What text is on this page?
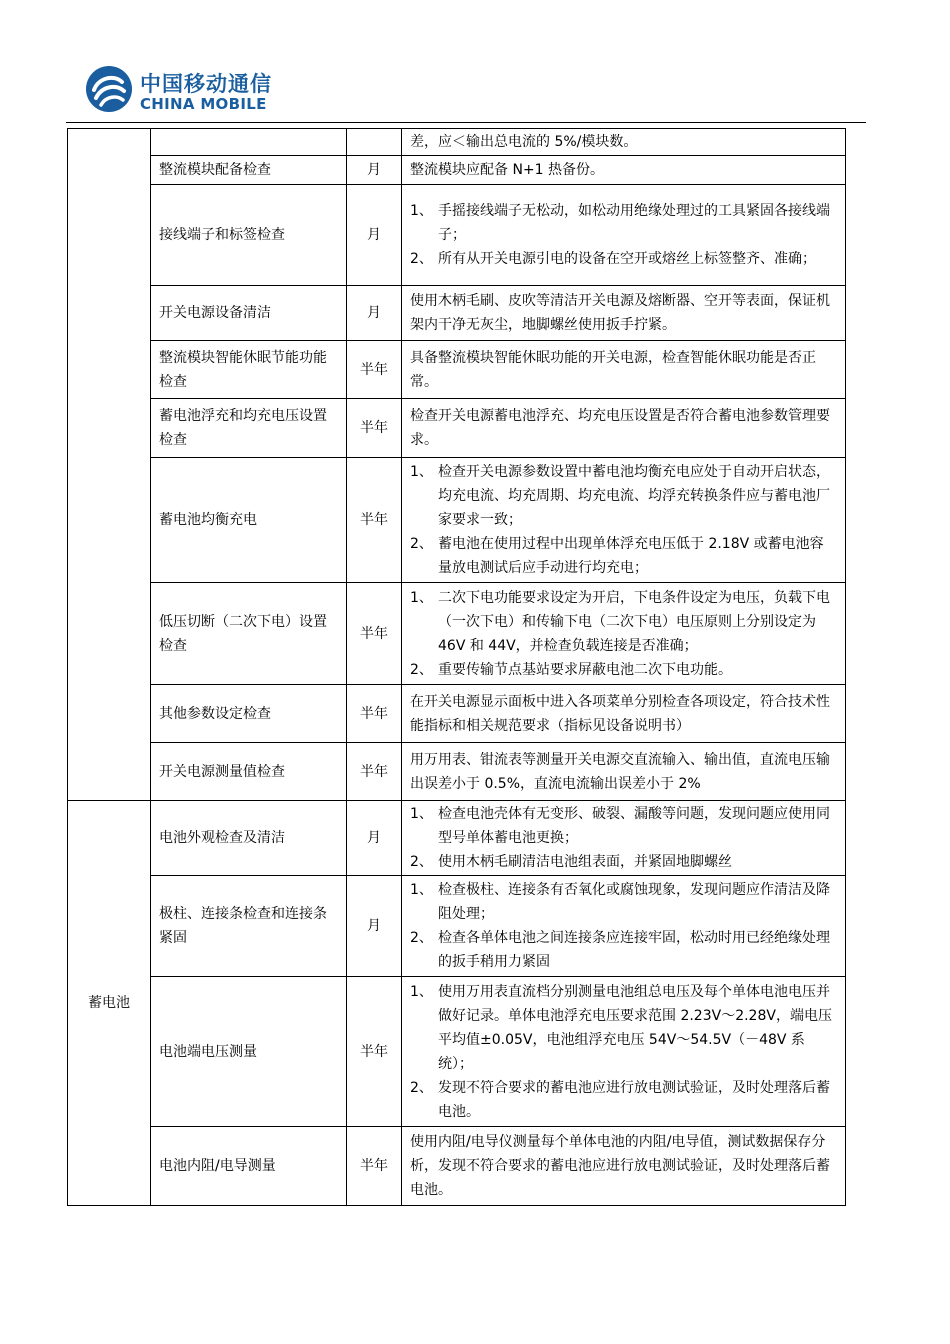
中国移动通信
CHINA MOBILE
			差，应＜输出总电流的 5%/模块数。
	整流模块配备检查	月	整流模块应配备 N+1 热备份。
	接线端子和标签检查	月	1、 手摇接线端子无松动，如松动用绝缘处理过的工具紧固各接线端子；
2、 所有从开关电源引电的设备在空开或熔丝上标签整齐、准确；

	开关电源设备清洁	月	使用木柄毛刷、皮吹等清洁开关电源及熔断器、空开等表面，保证机架内干净无灰尘，地脚螺丝使用扳手拧紧。
	整流模块智能休眠节能功能检查	半年	具备整流模块智能休眠功能的开关电源，检查智能休眠功能是否正常。
	蓄电池浮充和均充电压设置检查	半年	检查开关电源蓄电池浮充、均充电压设置是否符合蓄电池参数管理要求。
	蓄电池均衡充电	半年	1、 检查开关电源参数设置中蓄电池均衡充电应处于自动开启状态，均充电流、均充周期、均充电流、均浮充转换条件应与蓄电池厂家要求一致；
2、 蓄电池在使用过程中出现单体浮充电压低于 2.18V 或蓄电池容量放电测试后应手动进行均充电；

	低压切断（二次下电）设置检查	半年	1、 二次下电功能要求设定为开启，下电条件设定为电压，负载下电（一次下电）和传输下电（二次下电）电压原则上分别设定为 46V 和 44V，并检查负载连接是否准确；
2、 重要传输节点基站要求屏蔽电池二次下电功能。

	其他参数设定检查	半年	在开关电源显示面板中进入各项菜单分别检查各项设定，符合技术性能指标和相关规范要求（指标见设备说明书）
	开关电源测量值检查	半年	用万用表、钳流表等测量开关电源交直流输入、输出值，直流电压输出误差小于 0.5%，直流电流输出误差小于 2%
蓄电池	电池外观检查及清洁	月	1、 检查电池壳体有无变形、破裂、漏酸等问题，发现问题应使用同型号单体蓄电池更换；
2、 使用木柄毛刷清洁电池组表面，并紧固地脚螺丝

	极柱、连接条检查和连接条紧固	月	1、 检查极柱、连接条有否氧化或腐蚀现象，发现问题应作清洁及降阻处理；
2、 检查各单体电池之间连接条应连接牢固，松动时用已经绝缘处理的扳手稍用力紧固

	电池端电压测量	半年	1、 使用万用表直流档分别测量电池组总电压及每个单体电池电压并做好记录。单体电池浮充电压要求范围 2.23V～2.28V，端电压平均值±0.05V，电池组浮充电压 54V～54.5V（－48V 系统）；
2、 发现不符合要求的蓄电池应进行放电测试验证，及时处理落后蓄电池。

	电池内阻/电导测量	半年	使用内阻/电导仪测量每个单体电池的内阻/电导值，测试数据保存分析，发现不符合要求的蓄电池应进行放电测试验证，及时处理落后蓄电池。
